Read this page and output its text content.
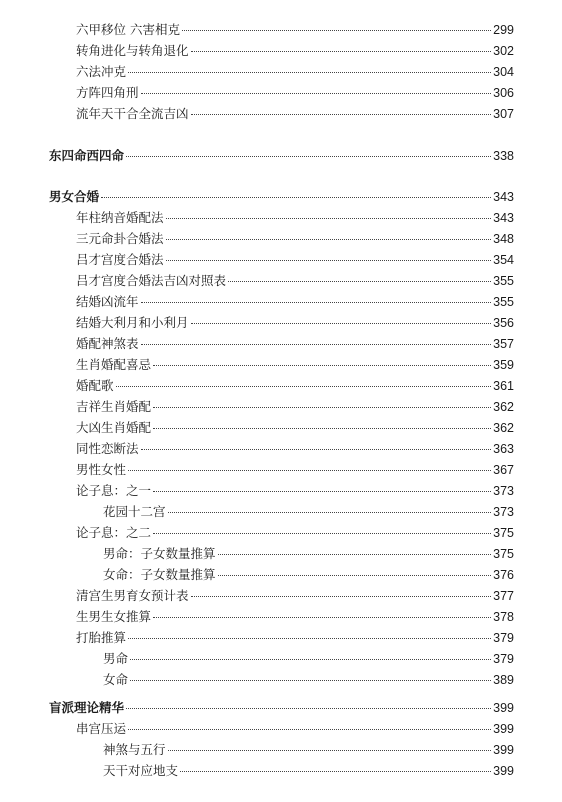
六甲移位 六害相克	299
转角进化与转角退化	302
六法冲克	304
方阵四角刑	306
流年天干合全流吉凶	307
东四命西四命	338
男女合婚	343
年柱纳音婚配法	343
三元命卦合婚法	348
吕才宫度合婚法	354
吕才宫度合婚法吉凶对照表	355
结婚凶流年	355
结婚大利月和小利月	356
婚配神煞表	357
生肖婚配喜忌	359
婚配歌	361
吉祥生肖婚配	362
大凶生肖婚配	362
同性恋断法	363
男性女性	367
论子息：之一	373
花园十二宫	373
论子息：之二	375
男命：子女数量推算	375
女命：子女数量推算	376
清宫生男育女预计表	377
生男生女推算	378
打胎推算	379
男命	379
女命	389
盲派理论精华	399
串宫压运	399
神煞与五行	399
天干对应地支	399
